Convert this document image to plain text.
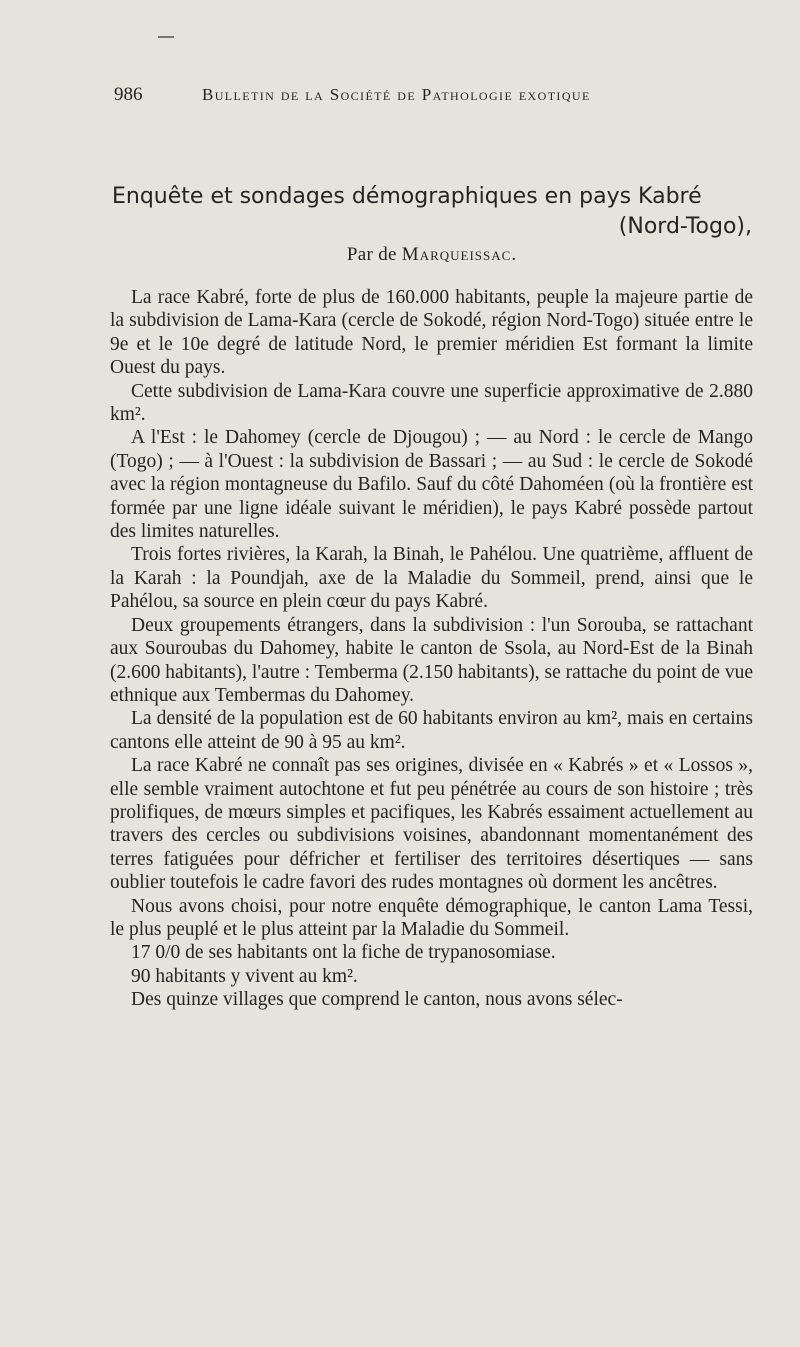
986	Bulletin de la Société de Pathologie exotique
Enquête et sondages démographiques en pays Kabré
(Nord-Togo),
Par de Marqueissac.

La race Kabré, forte de plus de 160.000 habitants, peuple la majeure partie de la subdivision de Lama-Kara (cercle de Sokodé, région Nord-Togo) située entre le 9e et le 10e degré de latitude Nord, le premier méridien Est formant la limite Ouest du pays.

Cette subdivision de Lama-Kara couvre une superficie approximative de 2.880 km².

A l'Est : le Dahomey (cercle de Djougou) ; — au Nord : le cercle de Mango (Togo) ; — à l'Ouest : la subdivision de Bassari ; — au Sud : le cercle de Sokodé avec la région montagneuse du Bafilo. Sauf du côté Dahoméen (où la frontière est formée par une ligne idéale suivant le méridien), le pays Kabré possède partout des limites naturelles.

Trois fortes rivières, la Karah, la Binah, le Pahélou. Une quatrième, affluent de la Karah : la Poundjah, axe de la Maladie du Sommeil, prend, ainsi que le Pahélou, sa source en plein cœur du pays Kabré.

Deux groupements étrangers, dans la subdivision : l'un Sorouba, se rattachant aux Souroubas du Dahomey, habite le canton de Ssola, au Nord-Est de la Binah (2.600 habitants), l'autre : Temberma (2.150 habitants), se rattache du point de vue ethnique aux Tembermas du Dahomey.

La densité de la population est de 60 habitants environ au km², mais en certains cantons elle atteint de 90 à 95 au km².

La race Kabré ne connaît pas ses origines, divisée en « Kabrés » et « Lossos », elle semble vraiment autochtone et fut peu pénétrée au cours de son histoire ; très prolifiques, de mœurs simples et pacifiques, les Kabrés essaiment actuellement au travers des cercles ou subdivisions voisines, abandonnant momentanément des terres fatiguées pour défricher et fertiliser des territoires désertiques — sans oublier toutefois le cadre favori des rudes montagnes où dorment les ancêtres.

Nous avons choisi, pour notre enquête démographique, le canton Lama Tessi, le plus peuplé et le plus atteint par la Maladie du Sommeil.

17 0/0 de ses habitants ont la fiche de trypanosomiase.

90 habitants y vivent au km².

Des quinze villages que comprend le canton, nous avons sélec-
